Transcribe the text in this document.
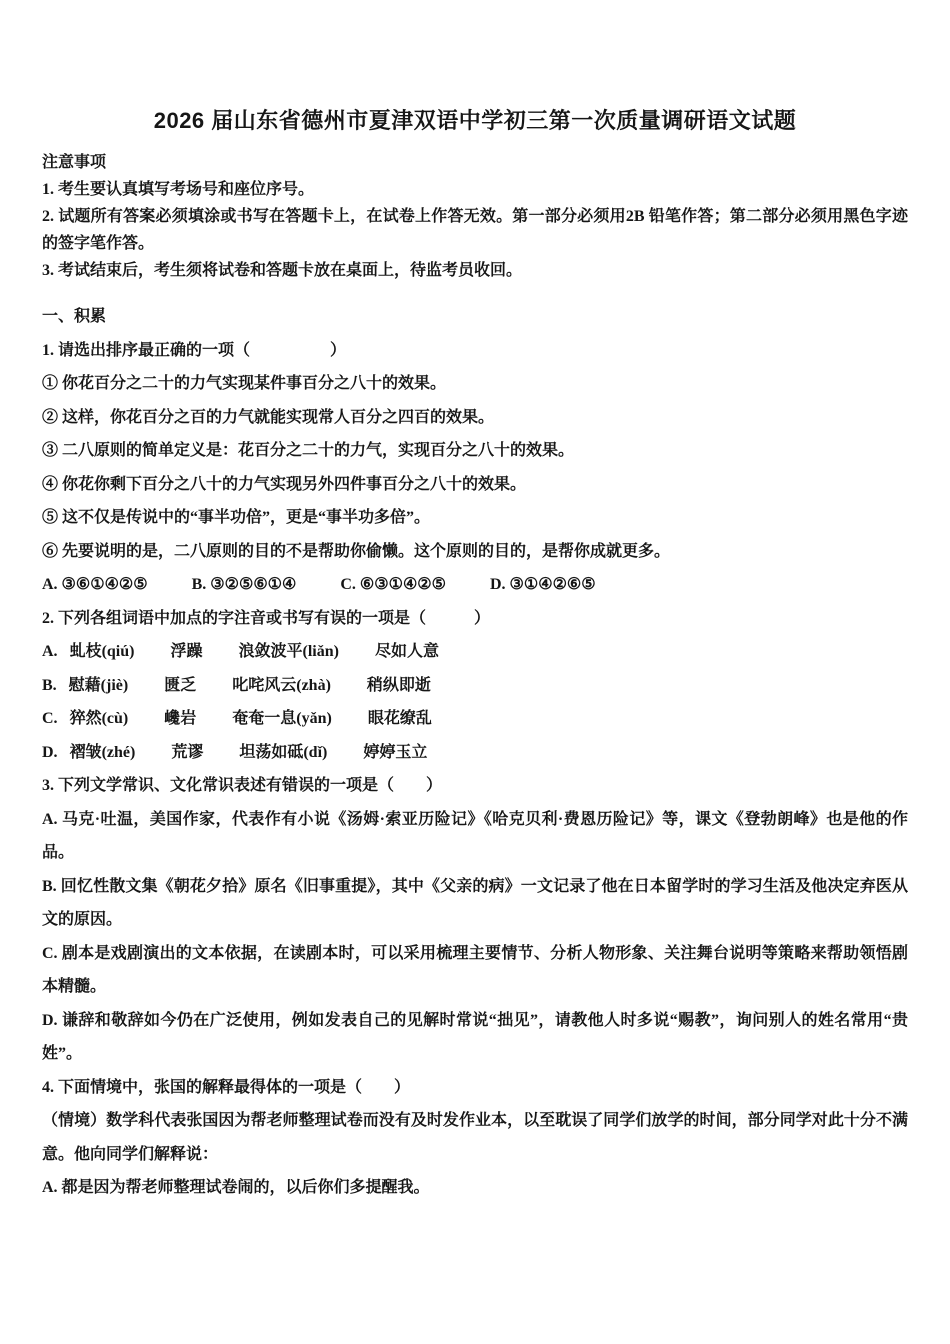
2026 届山东省德州市夏津双语中学初三第一次质量调研语文试题

注意事项

1. 考生要认真填写考场号和座位序号。

2. 试题所有答案必须填涂或书写在答题卡上，在试卷上作答无效。第一部分必须用2B 铅笔作答；第二部分必须用黑色字迹的签字笔作答。

3. 考试结束后，考生须将试卷和答题卡放在桌面上，待监考员收回。

一、积累

1. 请选出排序最正确的一项（　　　　　）

① 你花百分之二十的力气实现某件事百分之八十的效果。

② 这样，你花百分之百的力气就能实现常人百分之四百的效果。

③ 二八原则的简单定义是：花百分之二十的力气，实现百分之八十的效果。

④ 你花你剩下百分之八十的力气实现另外四件事百分之八十的效果。

⑤ 这不仅是传说中的“事半功倍”，更是“事半功多倍”。

⑥ 先要说明的是，二八原则的目的不是帮助你偷懒。这个原则的目的，是帮你成就更多。

A. ③⑥①④②⑤	B. ③②⑤⑥①④	C. ⑥③①④②⑤	D. ③①④②⑥⑤

2. 下列各组词语中加点的字注音或书写有误的一项是（　　　）

A. 虬枝(qiú) 浮躁 浪敛波平(liǎn) 尽如人意

B. 慰藉(jiè) 匮乏 叱咤风云(zhà) 稍纵即逝

C. 猝然(cù) 巉岩 奄奄一息(yǎn) 眼花缭乱

D. 褶皱(zhé) 荒谬 坦荡如砥(dǐ) 婷婷玉立

3. 下列文学常识、文化常识表述有错误的一项是（　　）

A. 马克·吐温，美国作家，代表作有小说《汤姆·索亚历险记》《哈克贝利·费恩历险记》等，课文《登勃朗峰》也是他的作品。

B. 回忆性散文集《朝花夕拾》原名《旧事重提》，其中《父亲的病》一文记录了他在日本留学时的学习生活及他决定弃医从文的原因。

C. 剧本是戏剧演出的文本依据，在读剧本时，可以采用梳理主要情节、分析人物形象、关注舞台说明等策略来帮助领悟剧本精髓。

D. 谦辞和敬辞如今仍在广泛使用，例如发表自己的见解时常说“拙见”，请教他人时多说“赐教”，询问别人的姓名常用“贵姓”。

4. 下面情境中，张国的解释最得体的一项是（　　）

（情境）数学科代表张国因为帮老师整理试卷而没有及时发作业本，以至耽误了同学们放学的时间，部分同学对此十分不满意。他向同学们解释说：

A. 都是因为帮老师整理试卷闹的，以后你们多提醒我。
